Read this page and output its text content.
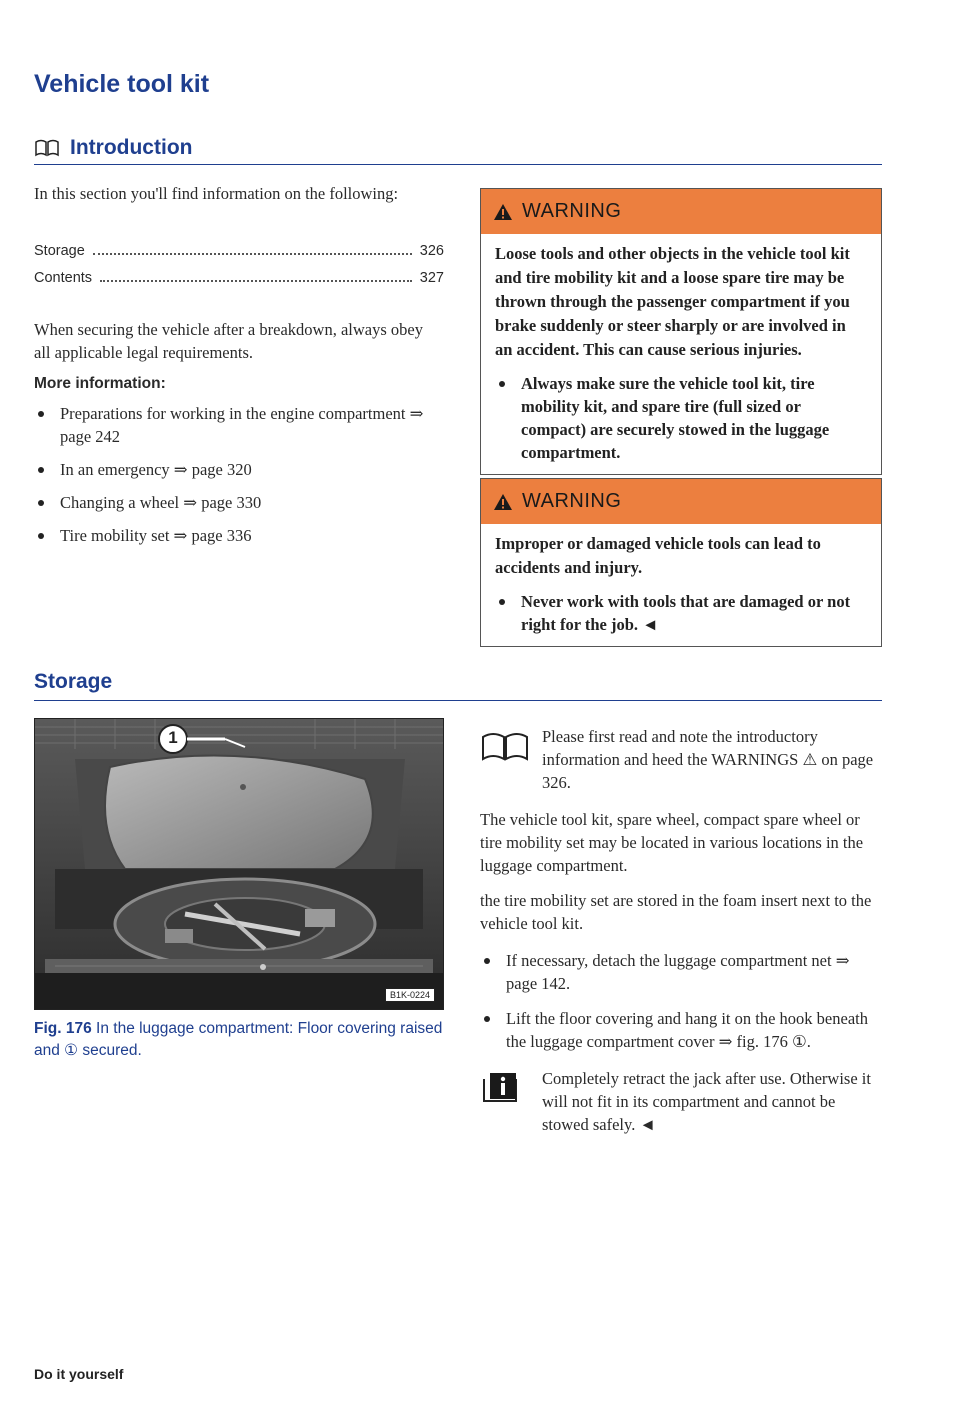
Vehicle tool kit
Introduction
In this section you'll find information on the following:
Storage	326
Contents	327
When securing the vehicle after a breakdown, always obey all applicable legal requirements.
More information:
Preparations for working in the engine compartment ⇒ page 242
In an emergency ⇒ page 320
Changing a wheel ⇒ page 330
Tire mobility set ⇒ page 336
WARNING

Loose tools and other objects in the vehicle tool kit and tire mobility kit and a loose spare tire may be thrown through the passenger compartment if you brake suddenly or steer sharply or are involved in an accident. This can cause serious injuries.

Always make sure the vehicle tool kit, tire mobility kit, and spare tire (full sized or compact) are securely stowed in the luggage compartment.
WARNING

Improper or damaged vehicle tools can lead to accidents and injury.

Never work with tools that are damaged or not right for the job. ◄
Storage
1
B1K-0224
Fig. 176 In the luggage compartment: Floor covering raised and ① secured.
Please first read and note the introductory information and heed the WARNINGS ⚠ on page 326.
The vehicle tool kit, spare wheel, compact spare wheel or tire mobility set may be located in various locations in the luggage compartment.
the tire mobility set are stored in the foam insert next to the vehicle tool kit.
If necessary, detach the luggage compartment net ⇒ page 142.
Lift the floor covering and hang it on the hook beneath the luggage compartment cover ⇒ fig. 176 ①.
Completely retract the jack after use. Otherwise it will not fit in its compartment and cannot be stowed safely. ◄
Do it yourself
